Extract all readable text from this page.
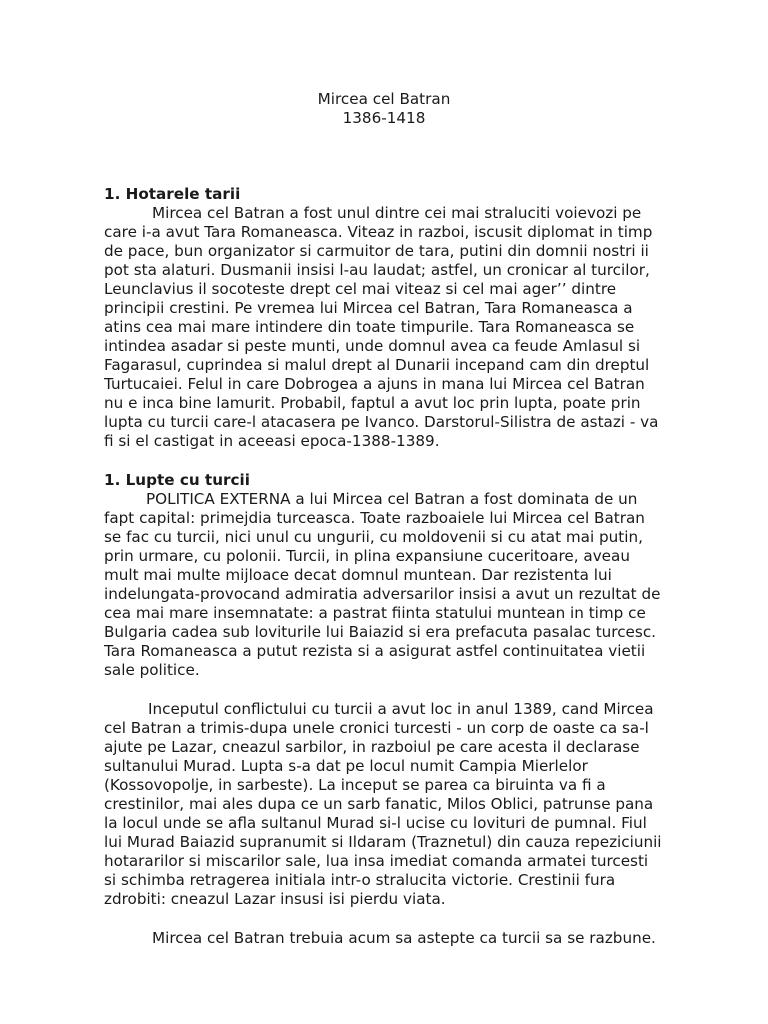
Mircea cel Batran
1386-1418
1. Hotarele tarii

Mircea cel Batran a fost unul dintre cei mai straluciti voievozi pe care i-a avut Tara Romaneasca. Viteaz in razboi, iscusit diplomat in timp de pace, bun organizator si carmuitor de tara, putini din domnii nostri ii pot sta alaturi. Dusmanii insisi l-au laudat; astfel, un cronicar al turcilor, Leunclavius il socoteste drept cel mai viteaz si cel mai ager’’ dintre principii crestini. Pe vremea lui Mircea cel Batran, Tara Romaneasca a atins cea mai mare intindere din toate timpurile. Tara Romaneasca se intindea asadar si peste munti, unde domnul avea ca feude Amlasul si Fagarasul, cuprindea si malul drept al Dunarii incepand cam din dreptul Turtucaiei. Felul in care Dobrogea a ajuns in mana lui Mircea cel Batran nu e inca bine lamurit. Probabil, faptul a avut loc prin lupta, poate prin lupta cu turcii care-l atacasera pe Ivanco. Darstorul-Silistra de astazi - va fi si el castigat in aceeasi epoca-1388-1389.

1. Lupte cu turcii

POLITICA EXTERNA a lui Mircea cel Batran a fost dominata de un fapt capital: primejdia turceasca. Toate razboaiele lui Mircea cel Batran se fac cu turcii, nici unul cu ungurii, cu moldovenii si cu atat mai putin, prin urmare, cu polonii. Turcii, in plina expansiune cuceritoare, aveau mult mai multe mijloace decat domnul muntean. Dar rezistenta lui indelungata-provocand admiratia adversarilor insisi a avut un rezultat de cea mai mare insemnatate: a pastrat fiinta statului muntean in timp ce Bulgaria cadea sub loviturile lui Baiazid si era prefacuta pasalac turcesc. Tara Romaneasca a putut rezista si a asigurat astfel continuitatea vietii sale politice.

Inceputul conflictului cu turcii a avut loc in anul 1389, cand Mircea cel Batran a trimis-dupa unele cronici turcesti - un corp de oaste ca sa-l ajute pe Lazar, cneazul sarbilor, in razboiul pe care acesta il declarase sultanului Murad. Lupta s-a dat pe locul numit Campia Mierlelor (Kossovopolje, in sarbeste). La inceput se parea ca biruinta va fi a crestinilor, mai ales dupa ce un sarb fanatic, Milos Oblici, patrunse pana la locul unde se afla sultanul Murad si-l ucise cu lovituri de pumnal. Fiul lui Murad Baiazid supranumit si Ildaram (Traznetul) din cauza repeziciunii hotararilor si miscarilor sale, lua insa imediat comanda armatei turcesti si schimba retragerea initiala intr-o stralucita victorie. Crestinii fura zdrobiti: cneazul Lazar insusi isi pierdu viata.

Mircea cel Batran trebuia acum sa astepte ca turcii sa se razbune.
